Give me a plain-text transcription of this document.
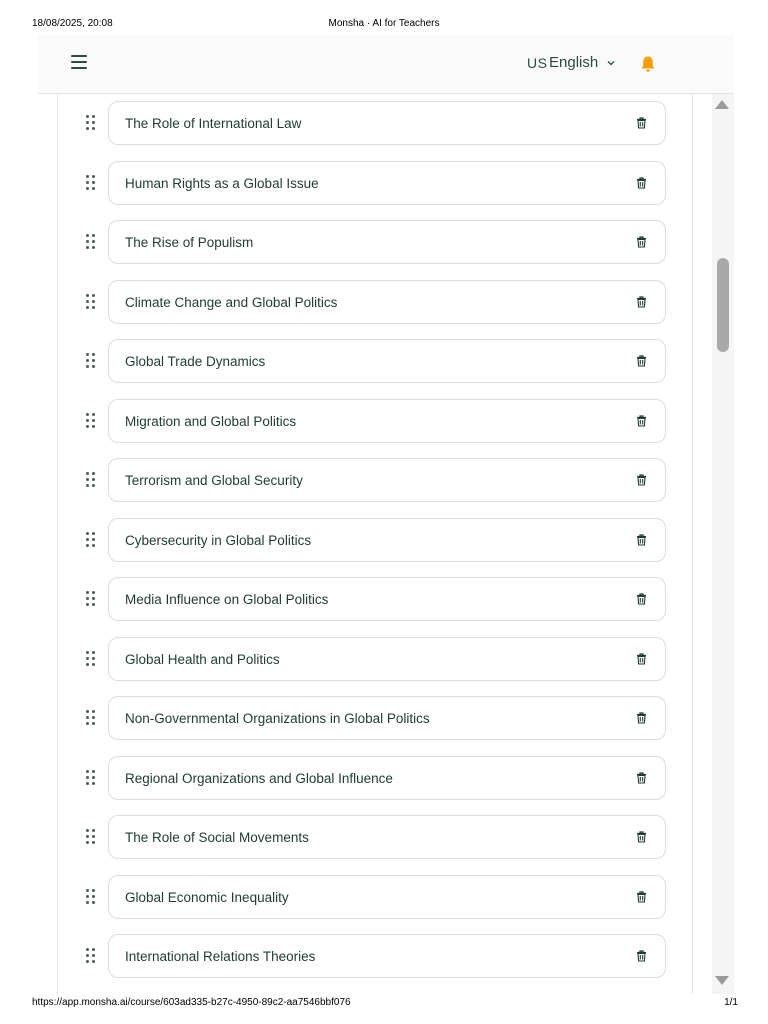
18/08/2025, 20:08	Monsha · AI for Teachers
US English
The Role of International Law
Human Rights as a Global Issue
The Rise of Populism
Climate Change and Global Politics
Global Trade Dynamics
Migration and Global Politics
Terrorism and Global Security
Cybersecurity in Global Politics
Media Influence on Global Politics
Global Health and Politics
Non-Governmental Organizations in Global Politics
Regional Organizations and Global Influence
The Role of Social Movements
Global Economic Inequality
International Relations Theories
https://app.monsha.ai/course/603ad335-b27c-4950-89c2-aa7546bbf076	1/1
